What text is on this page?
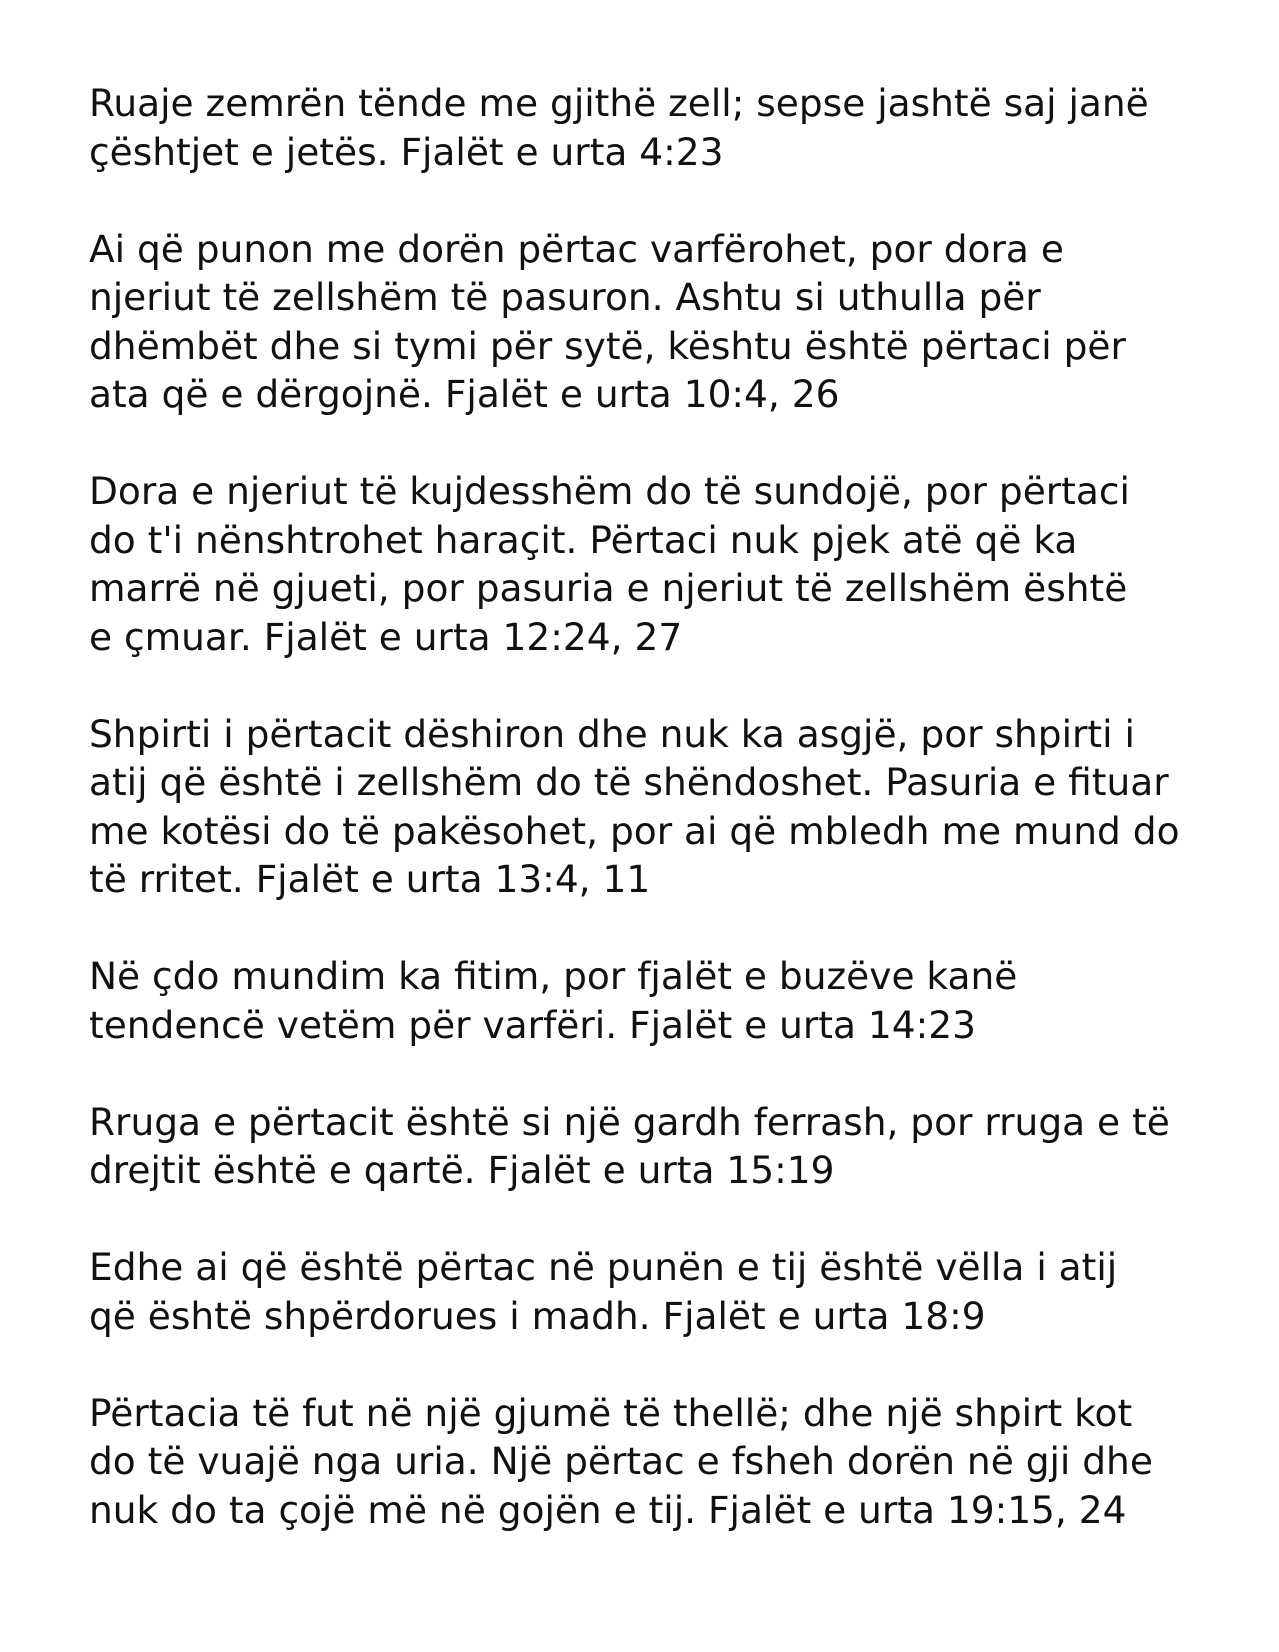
Ruaje zemrën tënde me gjithë zell; sepse jashtë saj janë
çështjet e jetës. Fjalët e urta 4:23

Ai që punon me dorën përtac varfërohet, por dora e
njeriut të zellshëm të pasuron. Ashtu si uthulla për
dhëmbët dhe si tymi për sytë, kështu është përtaci për
ata që e dërgojnë. Fjalët e urta 10:4, 26

Dora e njeriut të kujdesshëm do të sundojë, por përtaci
do t'i nënshtrohet haraçit. Përtaci nuk pjek atë që ka
marrë në gjueti, por pasuria e njeriut të zellshëm është
e çmuar. Fjalët e urta 12:24, 27

Shpirti i përtacit dëshiron dhe nuk ka asgjë, por shpirti i
atij që është i zellshëm do të shëndoshet. Pasuria e fituar
me kotësi do të pakësohet, por ai që mbledh me mund do
të rritet. Fjalët e urta 13:4, 11

Në çdo mundim ka fitim, por fjalët e buzëve kanë
tendencë vetëm për varfëri. Fjalët e urta 14:23

Rruga e përtacit është si një gardh ferrash, por rruga e të
drejtit është e qartë. Fjalët e urta 15:19

Edhe ai që është përtac në punën e tij është vëlla i atij
që është shpërdorues i madh. Fjalët e urta 18:9

Përtacia të fut në një gjumë të thellë; dhe një shpirt kot
do të vuajë nga uria. Një përtac e fsheh dorën në gji dhe
nuk do ta çojë më në gojën e tij. Fjalët e urta 19:15, 24
